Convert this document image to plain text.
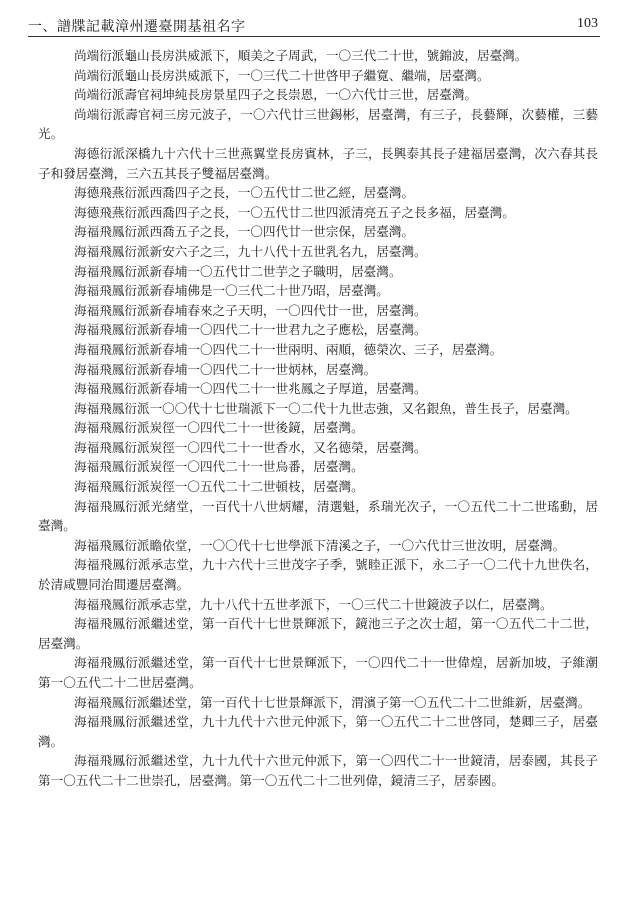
一、譜牒記載漳州遷臺開基祖名字	103

尚端衍派龜山長房洪威派下，順美之子周武，一〇三代二十世，號錦波，居臺灣。

尚端衍派龜山長房洪威派下，一〇三代二十世啓甲子繼寛、繼端，居臺灣。

尚端衍派壽官祠坤純長房景星四子之長崇恩，一〇六代廿三世，居臺灣。

尚端衍派壽官祠三房元波子，一〇六代廿三世錫彬，居臺灣，有三子，長藝輝，次藝權，三藝光。

海德衍派深橋九十六代十三世燕翼堂長房賓林，子三，長興泰其長子建福居臺灣，次六春其長子和發居臺灣，三六五其長子雙福居臺灣。

海德飛燕衍派西喬四子之長，一〇五代廿二世乙經，居臺灣。

海德飛燕衍派西喬四子之長，一〇五代廿二世四派清亮五子之長多福，居臺灣。

海福飛鳳衍派西喬五子之長，一〇四代廿一世宗保，居臺灣。

海福飛鳳衍派新安六子之三，九十八代十五世乳名九，居臺灣。

海福飛鳳衍派新春埔一〇五代廿二世芋之子職明，居臺灣。

海福飛鳳衍派新春埔佛是一〇三代二十世乃昭，居臺灣。

海福飛鳳衍派新春埔春來之子天明，一〇四代廿一世，居臺灣。

海福飛鳳衍派新春埔一〇四代二十一世君九之子應松，居臺灣。

海福飛鳳衍派新春埔一〇四代二十一世兩明、兩順，德榮次、三子，居臺灣。

海福飛鳳衍派新春埔一〇四代二十一世炳林，居臺灣。

海福飛鳳衍派新春埔一〇四代二十一世兆鳳之子厚道，居臺灣。

海福飛鳳衍派一〇〇代十七世瑞派下一〇二代十九世志強，又名銀魚，普生長子，居臺灣。

海福飛鳳衍派炭徑一〇四代二十一世後鏡，居臺灣。

海福飛鳳衍派炭徑一〇四代二十一世香水，又名德榮，居臺灣。

海福飛鳳衍派炭徑一〇四代二十一世烏番，居臺灣。

海福飛鳳衍派炭徑一〇五代二十二世頓枝，居臺灣。

海福飛鳳衍派光緒堂，一百代十八世炳耀，清選魁，系瑞光次子，一〇五代二十二世瑤動，居臺灣。

海福飛鳳衍派瞻依堂，一〇〇代十七世學派下清溪之子，一〇六代廿三世汝明，居臺灣。

海福飛鳳衍派承志堂，九十六代十三世茂字子季，號睦正派下，永二子一〇二代十九世佚名，於清咸豐同治間遷居臺灣。

海福飛鳳衍派承志堂，九十八代十五世孝派下，一〇三代二十世鏡波子以仁，居臺灣。

海福飛鳳衍派繼述堂，第一百代十七世景輝派下，鏡池三子之次士超，第一〇五代二十二世，居臺灣。

海福飛鳳衍派繼述堂，第一百代十七世景輝派下，一〇四代二十一世偉煌，居新加坡，子維潮第一〇五代二十二世居臺灣。

海福飛鳳衍派繼述堂，第一百代十七世景輝派下，渭濱子第一〇五代二十二世維新，居臺灣。

海福飛鳳衍派繼述堂，九十九代十六世元仲派下，第一〇五代二十二世啓同，楚卿三子，居臺灣。

海福飛鳳衍派繼述堂，九十九代十六世元仲派下，第一〇四代二十一世鏡清，居泰國，其長子第一〇五代二十二世崇孔，居臺灣。第一〇五代二十二世列偉，鏡清三子，居泰國。
